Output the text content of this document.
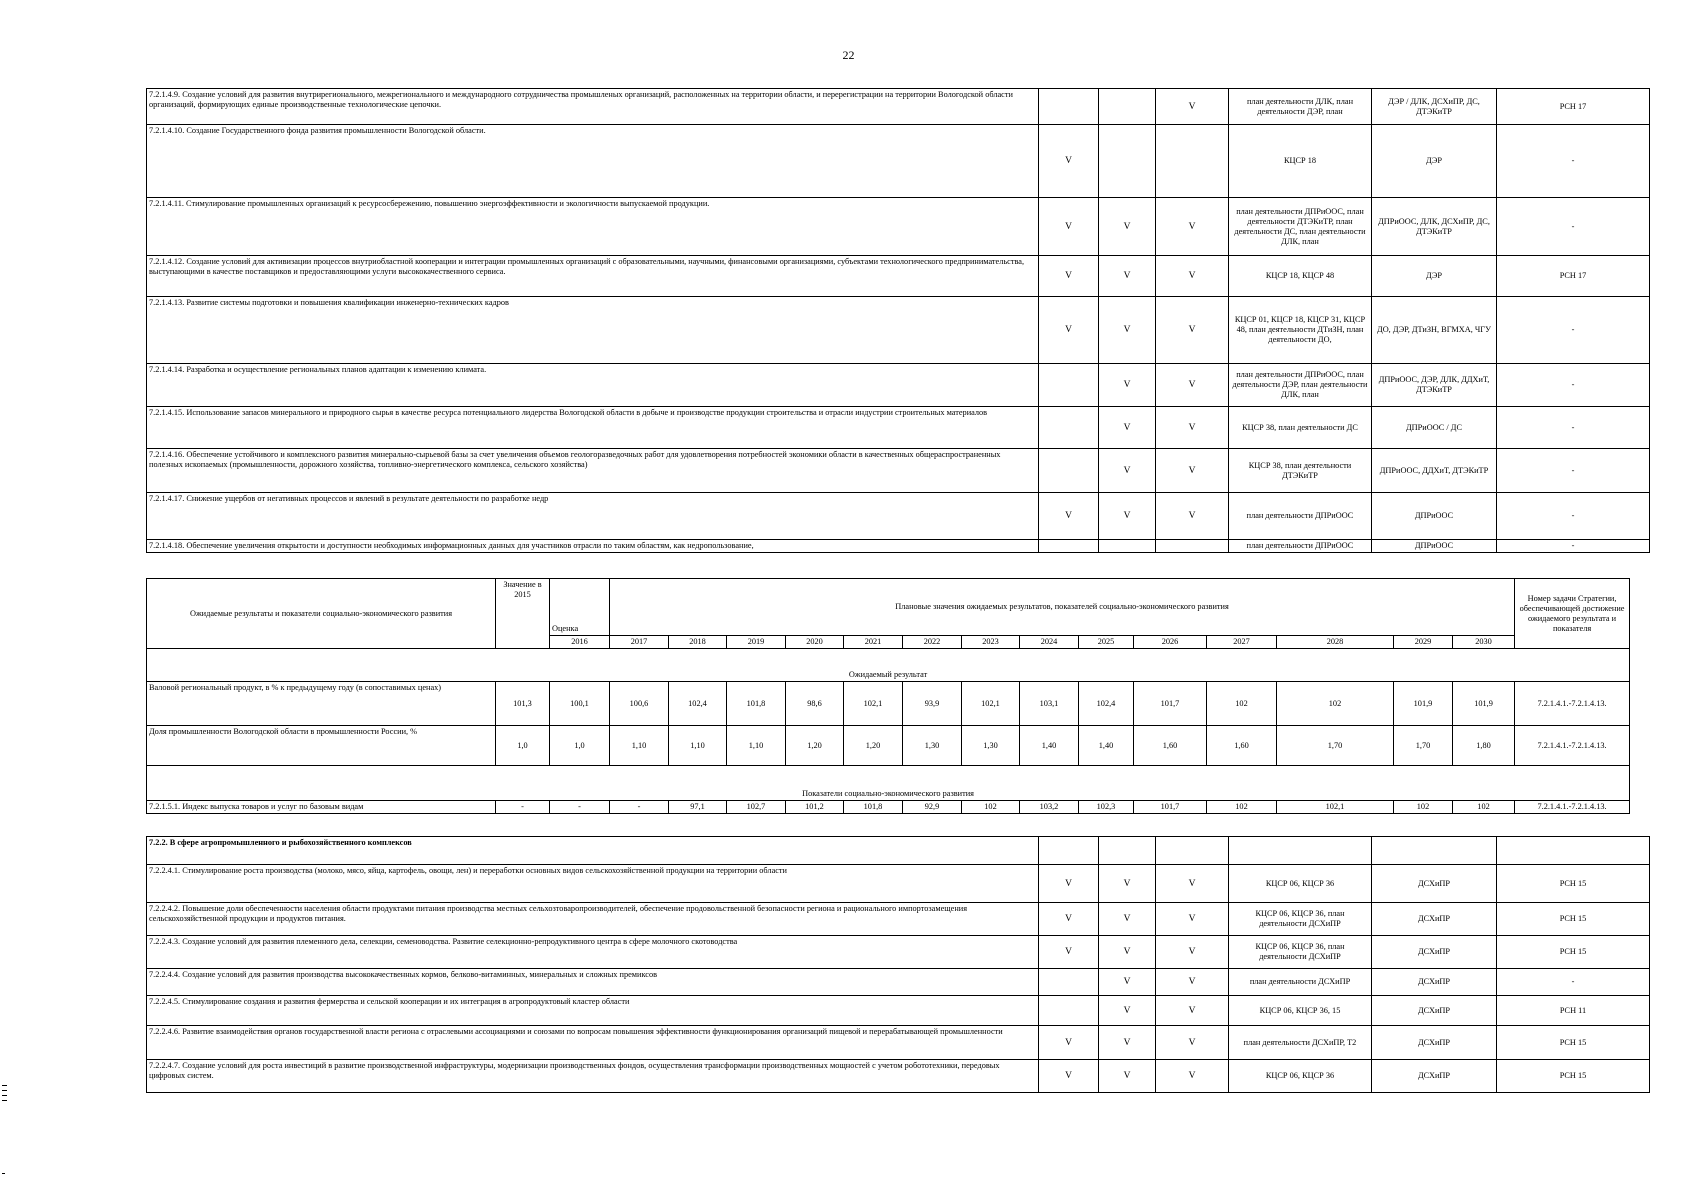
22
7.2.1.4.9. Создание условий для развития внутрирегионального, межрегионального и международного сотрудничества промышленых организаций, расположенных на территории области, и перерегистрации на территории Вологодской области организаций, формирующих единые производственные технологические цепочки.			V	план деятельности ДЛК, план деятельности ДЭР, план	ДЭР / ДЛК, ДСХиПР, ДС, ДТЭКиТР	РСН 17
7.2.1.4.10. Создание Государственного фонда развития промышленности Вологодской области.	V			КЦСР 18	ДЭР	-
7.2.1.4.11. Стимулирование промышленных организаций к ресурсосбережению, повышению энергоэффективности и экологичности выпускаемой продукции.	V	V	V	план деятельности ДПРиООС, план деятельности ДТЭКиТР, план деятельности ДС, план деятельности ДЛК, план	ДПРиООС, ДЛК, ДСХиПР, ДС, ДТЭКиТР	-
7.2.1.4.12. Создание условий для активизации процессов внутриобластной кооперации и интеграции промышленных организаций с образовательными, научными, финансовыми организациями, субъектами технологического предпринимательства, выступающими в качестве поставщиков и предоставляющими услуги высококачественного сервиса.	V	V	V	КЦСР 18, КЦСР 48	ДЭР	РСН 17
7.2.1.4.13. Развитие системы подготовки и повышения квалификации инженерно-технических кадров	V	V	V	КЦСР 01, КЦСР 18, КЦСР 31, КЦСР 48, план деятельности ДТиЗН, план деятельности ДО,	ДО, ДЭР, ДТиЗН, ВГМХА, ЧГУ	-
7.2.1.4.14. Разработка и осуществление региональных планов адаптации к изменению климата.		V	V	план деятельности ДПРиООС, план деятельности ДЭР, план деятельности ДЛК, план	ДПРиООС, ДЭР, ДЛК, ДДХиТ, ДТЭКиТР	-
7.2.1.4.15. Использование запасов минерального и природного сырья в качестве ресурса потенциального лидерства Вологодской области в добыче и производстве продукции строительства и отрасли индустрии строительных материалов		V	V	КЦСР 38, план деятельности ДС	ДПРиООС / ДС	-
7.2.1.4.16. Обеспечение устойчивого и комплексного развития минерально-сырьевой базы за счет увеличения объемов геологоразведочных работ для удовлетворения потребностей экономики области в качественных общераспространенных полезных ископаемых (промышленности, дорожного хозяйства, топливно-энергетического комплекса, сельского хозяйства)		V	V	КЦСР 38, план деятельности ДТЭКиТР	ДПРиООС, ДДХиТ, ДТЭКиТР	-
7.2.1.4.17. Снижение ущербов от негативных процессов и явлений в результате деятельности по разработке недр	V	V	V	план деятельности ДПРиООС	ДПРиООС	-
7.2.1.4.18. Обеспечение увеличения открытости и доступности необходимых информационных данных для участников отрасли по таким областям, как недропользование,				план деятельности ДПРиООС	ДПРиООС	-
Ожидаемые результаты и показатели социально-экономического развития	Значение в 2015	Оценка	Плановые значения ожидаемых результатов, показателей социально-экономического развития														Номер задачи Стратегии, обеспечивающей достижение ожидаемого результата и показателя
		2016	2017	2018	2019	2020	2021	2022	2023	2024	2025	2026	2027	2028	2029	2030	

Ожидаемый результат																	
Валовой региональный продукт, в % к предыдущему году (в сопоставимых ценах)	101,3	100,1	100,6	102,4	101,8	98,6	102,1	93,9	102,1	103,1	102,4	101,7	102	102	101,9	101,9	7.2.1.4.1.-7.2.1.4.13.
Доля промышленности Вологодской области в промышленности России, %	1,0	1,0	1,10	1,10	1,10	1,20	1,20	1,30	1,30	1,40	1,40	1,60	1,60	1,70	1,70	1,80	7.2.1.4.1.-7.2.1.4.13.

Показатели социально-экономического развития																	
7.2.1.5.1. Индекс выпуска товаров и услуг по базовым видам	-	-	-	97,1	102,7	101,2	101,8	92,9	102	103,2	102,3	101,7	102	102,1	102	102	7.2.1.4.1.-7.2.1.4.13.
7.2.2. В сфере агропромышленного и рыбохозяйственного комплексов						
7.2.2.4.1. Стимулирование роста производства (молоко, мясо, яйца, картофель, овощи, лен) и переработки основных видов сельскохозяйственной продукции на территории области	V	V	V	КЦСР 06, КЦСР 36	ДСХиПР	РСН 15
7.2.2.4.2. Повышение доли обеспеченности населения области продуктами питания производства местных сельхозтоваропроизводителей, обеспечение продовольственной безопасности региона и рационального импортозамещения сельскохозяйственной продукции и продуктов питания.	V	V	V	КЦСР 06, КЦСР 36, план деятельности ДСХиПР	ДСХиПР	РСН 15
7.2.2.4.3. Создание условий для развития племенного дела, селекции, семеноводства. Развитие селекционно-репродуктивного центра в сфере молочного скотоводства	V	V	V	КЦСР 06, КЦСР 36, план деятельности ДСХиПР	ДСХиПР	РСН 15
7.2.2.4.4. Создание условий для развития производства высококачественных кормов, белково-витаминных, минеральных и сложных премиксов		V	V	план деятельности ДСХиПР	ДСХиПР	-
7.2.2.4.5. Стимулирование создания и развития фермерства и сельской кооперации и их интеграция в агропродуктовый кластер области		V	V	КЦСР 06, КЦСР 36, 15	ДСХиПР	РСН 11
7.2.2.4.6. Развитие взаимодействия органов государственной власти региона с отраслевыми ассоциациями и союзами по вопросам повышения эффективности функционирования организаций пищевой и перерабатывающей промышленности	V	V	V	план деятельности ДСХиПР, Т2	ДСХиПР	РСН 15
7.2.2.4.7. Создание условий для роста инвестиций в развитие производственной инфраструктуры, модернизации производственных фондов, осуществления трансформации производственных мощностей с учетом робототехники, передовых цифровых систем.	V	V	V	КЦСР 06, КЦСР 36	ДСХиПР	РСН 15
